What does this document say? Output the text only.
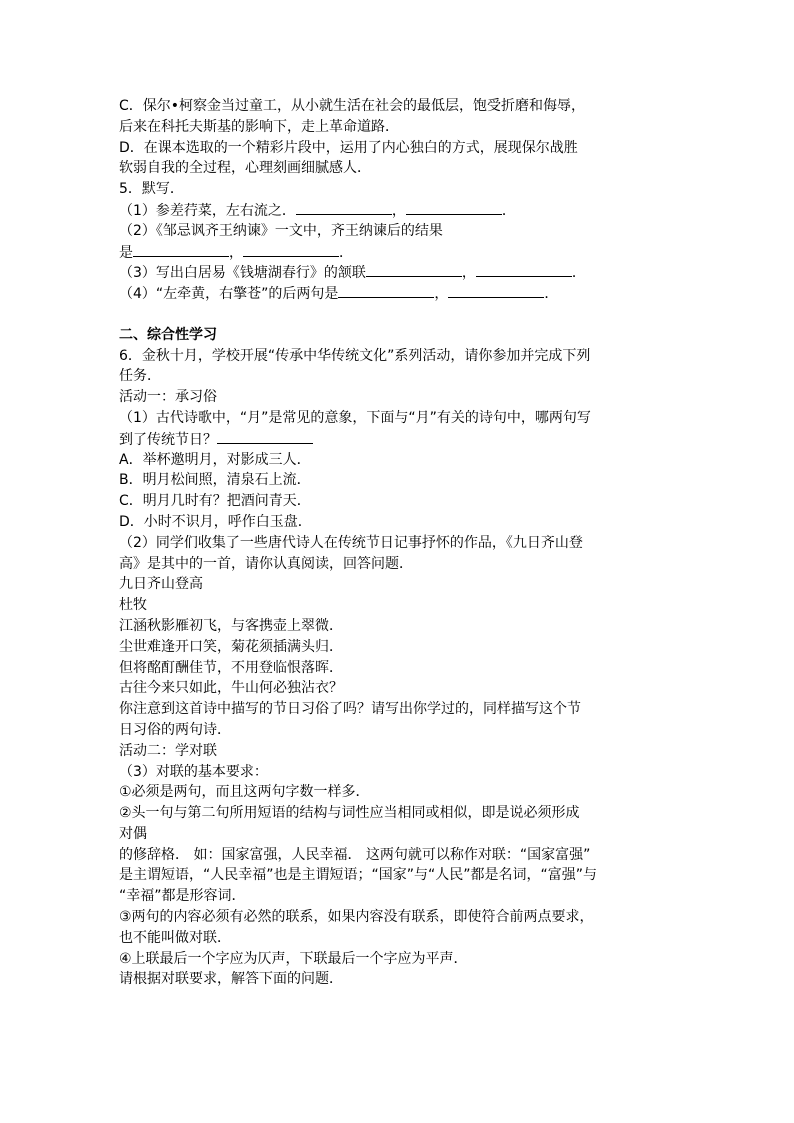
C．保尔•柯察金当过童工，从小就生活在社会的最低层，饱受折磨和侮辱，
后来在科托夫斯基的影响下，走上革命道路．
D．在课本选取的一个精彩片段中，运用了内心独白的方式，展现保尔战胜
软弱自我的全过程，心理刻画细腻感人．
5．默写．
（1）参差荇菜，左右流之．	，	．
（2）《邹忌讽齐王纳谏》一文中，齐王纳谏后的结果
是	，	．
（3）写出白居易《钱塘湖春行》的颔联	，	．
（4）“左牵黄，右擎苍”的后两句是	，	．
二、综合性学习
6．金秋十月，学校开展“传承中华传统文化”系列活动，请你参加并完成下列
任务．
活动一：承习俗
（1）古代诗歌中，“月”是常见的意象，下面与“月”有关的诗句中，哪两句写
到了传统节日？
A．举杯邀明月，对影成三人．
B．明月松间照，清泉石上流．
C．明月几时有？把酒问青天．
D．小时不识月，呼作白玉盘．
（2）同学们收集了一些唐代诗人在传统节日记事抒怀的作品，《九日齐山登
高》是其中的一首，请你认真阅读，回答问题．
九日齐山登高
杜牧
江涵秋影雁初飞，与客携壶上翠微．
尘世难逢开口笑，菊花须插满头归．
但将酩酊酬佳节，不用登临恨落晖．
古往今来只如此，牛山何必独沾衣？
你注意到这首诗中描写的节日习俗了吗？请写出你学过的，同样描写这个节
日习俗的两句诗．
活动二：学对联
（3）对联的基本要求：
①必须是两句，而且这两句字数一样多．
②头一句与第二句所用短语的结构与词性应当相同或相似，即是说必须形成
对偶
的修辞格． 如：国家富强，人民幸福． 这两句就可以称作对联：“国家富强”
是主谓短语，“人民幸福”也是主谓短语；“国家”与“人民”都是名词，“富强”与
“幸福”都是形容词．
③两句的内容必须有必然的联系，如果内容没有联系，即使符合前两点要求，
也不能叫做对联．
④上联最后一个字应为仄声，下联最后一个字应为平声．
请根据对联要求，解答下面的问题．
